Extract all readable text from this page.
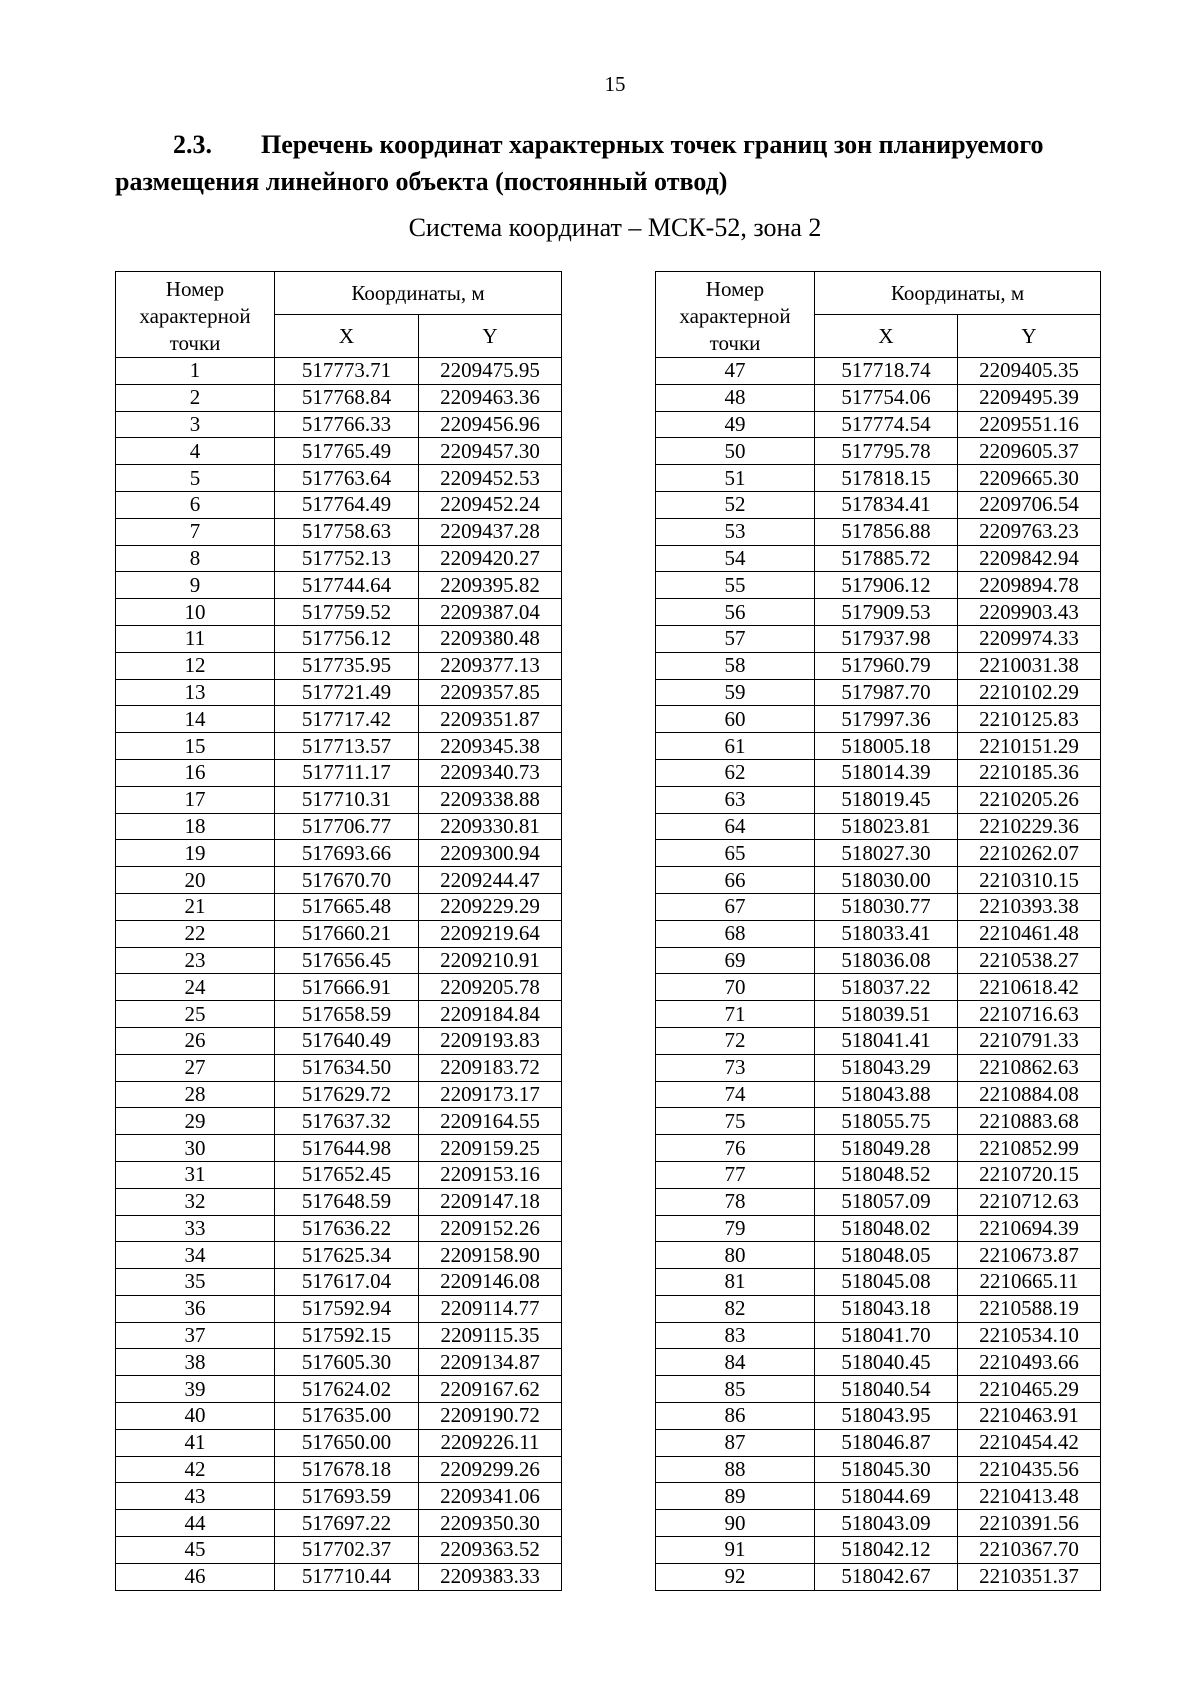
15
2.3. Перечень координат характерных точек границ зон планируемого размещения линейного объекта (постоянный отвод)
Система координат – МСК-52, зона 2
Номер характерной точки	Координаты, м	
	X	Y
1	517773.71	2209475.95
2	517768.84	2209463.36
3	517766.33	2209456.96
4	517765.49	2209457.30
5	517763.64	2209452.53
6	517764.49	2209452.24
7	517758.63	2209437.28
8	517752.13	2209420.27
9	517744.64	2209395.82
10	517759.52	2209387.04
11	517756.12	2209380.48
12	517735.95	2209377.13
13	517721.49	2209357.85
14	517717.42	2209351.87
15	517713.57	2209345.38
16	517711.17	2209340.73
17	517710.31	2209338.88
18	517706.77	2209330.81
19	517693.66	2209300.94
20	517670.70	2209244.47
21	517665.48	2209229.29
22	517660.21	2209219.64
23	517656.45	2209210.91
24	517666.91	2209205.78
25	517658.59	2209184.84
26	517640.49	2209193.83
27	517634.50	2209183.72
28	517629.72	2209173.17
29	517637.32	2209164.55
30	517644.98	2209159.25
31	517652.45	2209153.16
32	517648.59	2209147.18
33	517636.22	2209152.26
34	517625.34	2209158.90
35	517617.04	2209146.08
36	517592.94	2209114.77
37	517592.15	2209115.35
38	517605.30	2209134.87
39	517624.02	2209167.62
40	517635.00	2209190.72
41	517650.00	2209226.11
42	517678.18	2209299.26
43	517693.59	2209341.06
44	517697.22	2209350.30
45	517702.37	2209363.52
46	517710.44	2209383.33
Номер характерной точки	Координаты, м	
	X	Y
47	517718.74	2209405.35
48	517754.06	2209495.39
49	517774.54	2209551.16
50	517795.78	2209605.37
51	517818.15	2209665.30
52	517834.41	2209706.54
53	517856.88	2209763.23
54	517885.72	2209842.94
55	517906.12	2209894.78
56	517909.53	2209903.43
57	517937.98	2209974.33
58	517960.79	2210031.38
59	517987.70	2210102.29
60	517997.36	2210125.83
61	518005.18	2210151.29
62	518014.39	2210185.36
63	518019.45	2210205.26
64	518023.81	2210229.36
65	518027.30	2210262.07
66	518030.00	2210310.15
67	518030.77	2210393.38
68	518033.41	2210461.48
69	518036.08	2210538.27
70	518037.22	2210618.42
71	518039.51	2210716.63
72	518041.41	2210791.33
73	518043.29	2210862.63
74	518043.88	2210884.08
75	518055.75	2210883.68
76	518049.28	2210852.99
77	518048.52	2210720.15
78	518057.09	2210712.63
79	518048.02	2210694.39
80	518048.05	2210673.87
81	518045.08	2210665.11
82	518043.18	2210588.19
83	518041.70	2210534.10
84	518040.45	2210493.66
85	518040.54	2210465.29
86	518043.95	2210463.91
87	518046.87	2210454.42
88	518045.30	2210435.56
89	518044.69	2210413.48
90	518043.09	2210391.56
91	518042.12	2210367.70
92	518042.67	2210351.37
